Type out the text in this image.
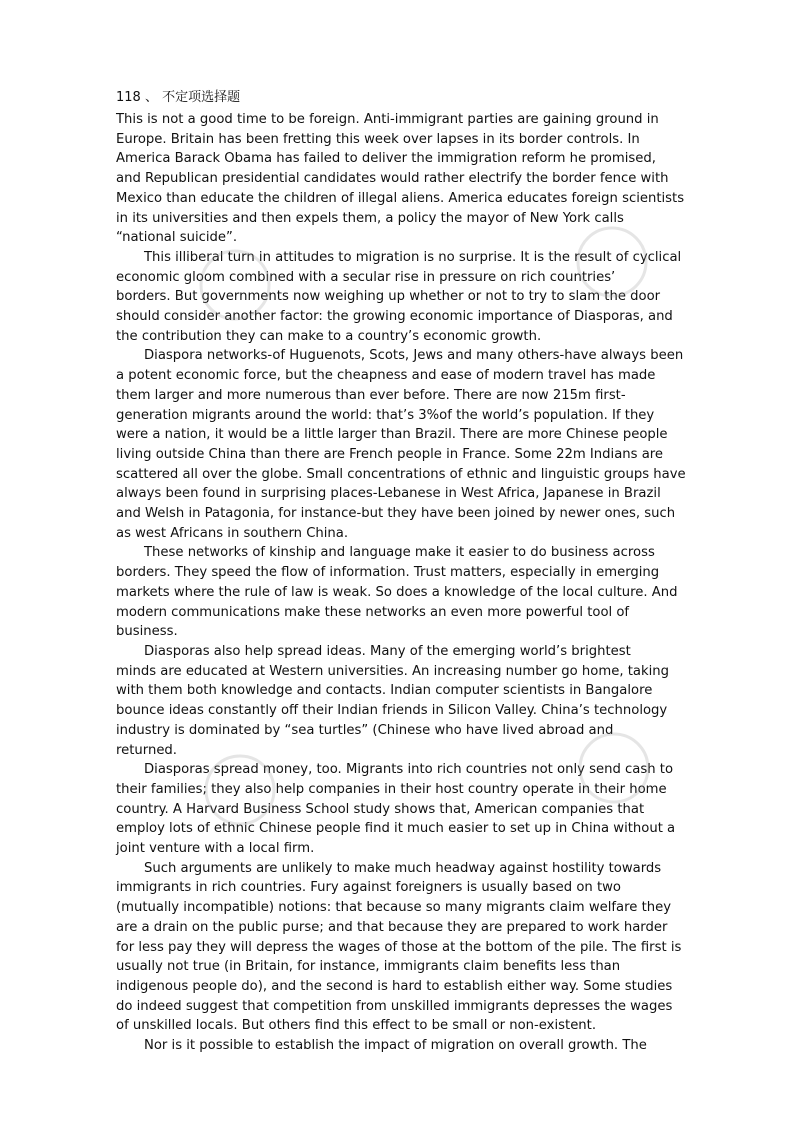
118 、 不定项选择题
This is not a good time to be foreign. Anti-immigrant parties are gaining ground in
Europe. Britain has been fretting this week over lapses in its border controls. In
America Barack Obama has failed to deliver the immigration reform he promised,
and Republican presidential candidates would rather electrify the border fence with
Mexico than educate the children of illegal aliens. America educates foreign scientists
in its universities and then expels them, a policy the mayor of New York calls
“national suicide”.
This illiberal turn in attitudes to migration is no surprise. It is the result of cyclical
economic gloom combined with a secular rise in pressure on rich countries’
borders. But governments now weighing up whether or not to try to slam the door
should consider another factor: the growing economic importance of Diasporas, and
the contribution they can make to a country’s economic growth.
Diaspora networks-of Huguenots, Scots, Jews and many others-have always been
a potent economic force, but the cheapness and ease of modern travel has made
them larger and more numerous than ever before. There are now 215m first-
generation migrants around the world: that’s 3%of the world’s population. If they
were a nation, it would be a little larger than Brazil. There are more Chinese people
living outside China than there are French people in France. Some 22m Indians are
scattered all over the globe. Small concentrations of ethnic and linguistic groups have
always been found in surprising places-Lebanese in West Africa, Japanese in Brazil
and Welsh in Patagonia, for instance-but they have been joined by newer ones, such
as west Africans in southern China.
These networks of kinship and language make it easier to do business across
borders. They speed the flow of information. Trust matters, especially in emerging
markets where the rule of law is weak. So does a knowledge of the local culture. And
modern communications make these networks an even more powerful tool of
business.
Diasporas also help spread ideas. Many of the emerging world’s brightest
minds are educated at Western universities. An increasing number go home, taking
with them both knowledge and contacts. Indian computer scientists in Bangalore
bounce ideas constantly off their Indian friends in Silicon Valley. China’s technology
industry is dominated by “sea turtles” (Chinese who have lived abroad and
returned.
Diasporas spread money, too. Migrants into rich countries not only send cash to
their families; they also help companies in their host country operate in their home
country. A Harvard Business School study shows that, American companies that
employ lots of ethnic Chinese people find it much easier to set up in China without a
joint venture with a local firm.
Such arguments are unlikely to make much headway against hostility towards
immigrants in rich countries. Fury against foreigners is usually based on two
(mutually incompatible) notions: that because so many migrants claim welfare they
are a drain on the public purse; and that because they are prepared to work harder
for less pay they will depress the wages of those at the bottom of the pile. The first is
usually not true (in Britain, for instance, immigrants claim benefits less than
indigenous people do), and the second is hard to establish either way. Some studies
do indeed suggest that competition from unskilled immigrants depresses the wages
of unskilled locals. But others find this effect to be small or non-existent.
Nor is it possible to establish the impact of migration on overall growth. The
